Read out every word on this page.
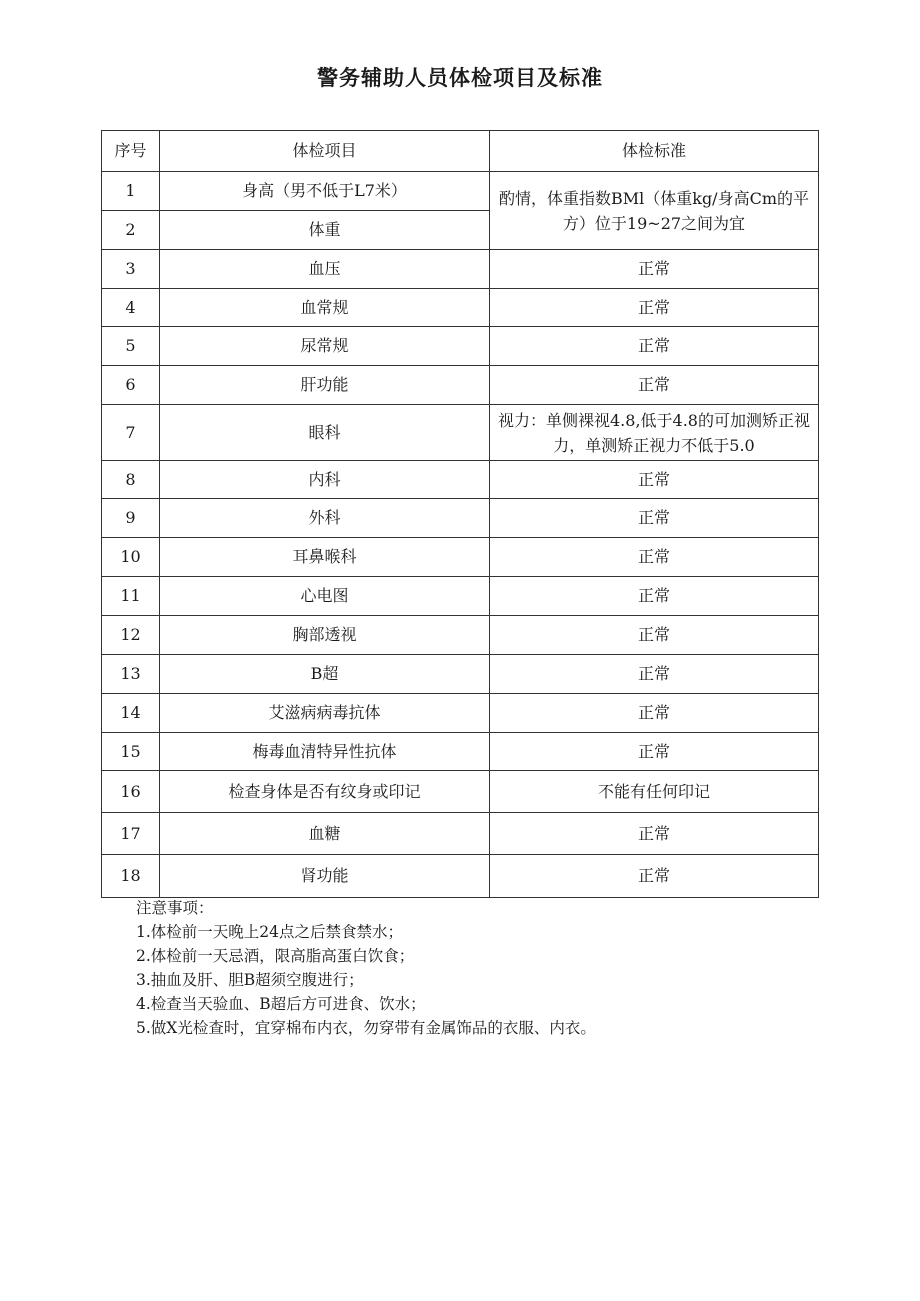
警务辅助人员体检项目及标准
序号	体检项目	体检标准
1	身高（男不低于L7米）	酌情，体重指数BMl（体重kg/身高Cm的平方）位于19~27之间为宜
2	体重	
3	血压	正常
4	血常规	正常
5	尿常规	正常
6	肝功能	正常
7	眼科	视力：单侧裸视4.8,低于4.8的可加测矫正视力，单测矫正视力不低于5.0
8	内科	正常
9	外科	正常
10	耳鼻喉科	正常
11	心电图	正常
12	胸部透视	正常
13	B超	正常
14	艾滋病病毒抗体	正常
15	梅毒血清特异性抗体	正常
16	检查身体是否有纹身或印记	不能有任何印记
17	血糖	正常
18	肾功能	正常
注意事项：
1.体检前一天晚上24点之后禁食禁水；
2.体检前一天忌酒，限高脂高蛋白饮食；
3.抽血及肝、胆B超须空腹进行；
4.检查当天验血、B超后方可进食、饮水；
5.做X光检查时，宜穿棉布内衣，勿穿带有金属饰品的衣服、内衣。
